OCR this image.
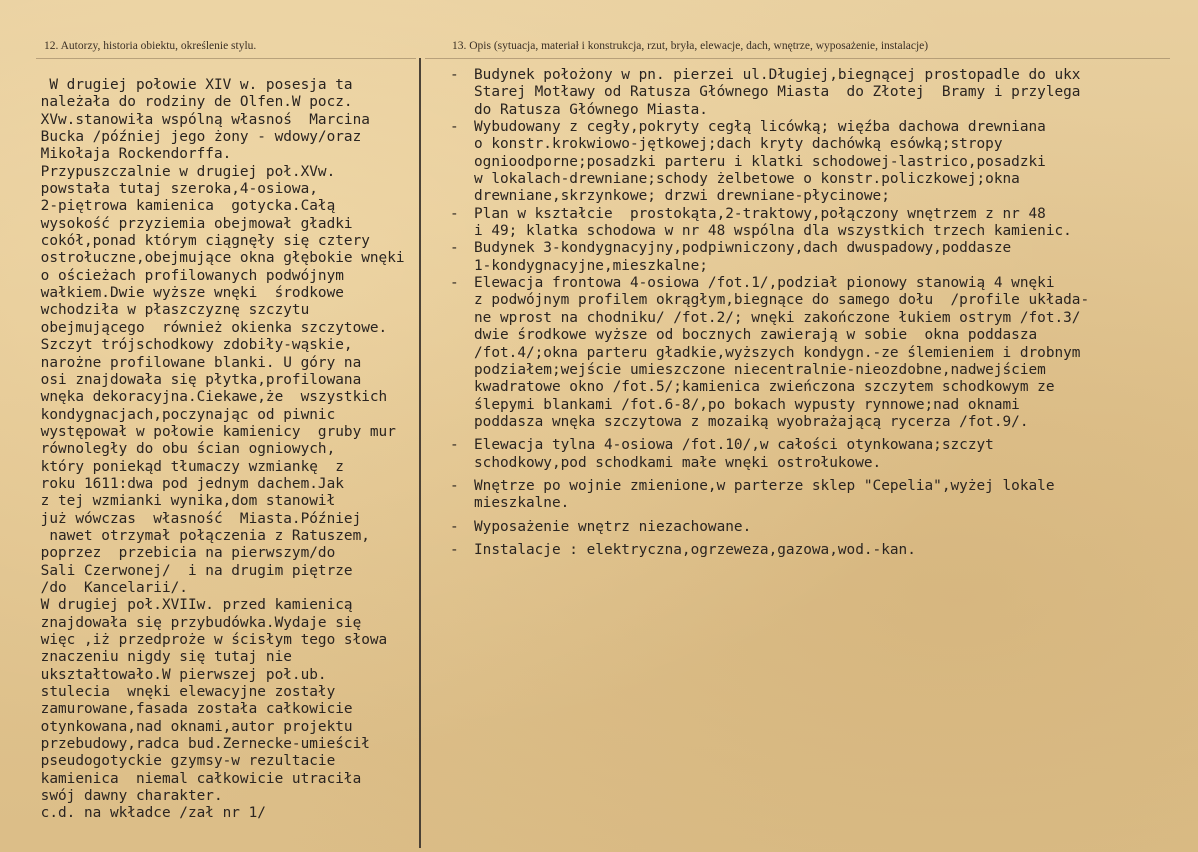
12. Autorzy, historia obiektu, określenie stylu.	13. Opis (sytuacja, materiał i konstrukcja, rzut, bryła, elewacje, dach, wnętrze, wyposażenie, instalacje)
W drugiej połowie XIV w. posesja ta
należała do rodziny de Olfen.W pocz.
XVw.stanowiła wspólną własnoś  Marcina
Bucka /później jego żony - wdowy/oraz
Mikołaja Rockendorffa.
Przypuszczalnie w drugiej poł.XVw.
powstała tutaj szeroka,4-osiowa,
2-piętrowa kamienica  gotycka.Całą
wysokość przyziemia obejmował gładki
cokół,ponad którym ciągnęły się cztery
ostrołuczne,obejmujące okna głębokie wnęki
o ościeżach profilowanych podwójnym
wałkiem.Dwie wyższe wnęki  środkowe
wchodziła w płaszczyznę szczytu
obejmującego  również okienka szczytowe.
Szczyt trójschodkowy zdobiły-wąskie,
narożne profilowane blanki. U góry na
osi znajdowała się płytka,profilowana
wnęka dekoracyjna.Ciekawe,że  wszystkich
kondygnacjach,poczynając od piwnic
występował w połowie kamienicy  gruby mur
równoległy do obu ścian ogniowych,
który poniekąd tłumaczy wzmiankę  z
roku 1611:dwa pod jednym dachem.Jak
z tej wzmianki wynika,dom stanowił
już wówczas  własność  Miasta.Później
nawet otrzymał połączenia z Ratuszem,
poprzez  przebicia na pierwszym/do
Sali Czerwonej/  i na drugim piętrze
/do  Kancelarii/.
W drugiej poł.XVIIw. przed kamienicą
znajdowała się przybudówka.Wydaje się
więc ,iż przedproże w ścisłym tego słowa
znaczeniu nigdy się tutaj nie
ukształtowało.W pierwszej poł.ub.
stulecia  wnęki elewacyjne zostały
zamurowane,fasada została całkowicie
otynkowana,nad oknami,autor projektu
przebudowy,radca bud.Zernecke-umieścił
pseudogotyckie gzymsy-w rezultacie
kamienica  niemal całkowicie utraciła
swój dawny charakter.
c.d. na wkładce /zał nr 1/
- Budynek położony w pn. pierzei ul.Długiej,biegnącej prostopadle do ukx
Starej Motławy od Ratusza Głównego Miasta  do Złotej  Bramy i przylega
do Ratusza Głównego Miasta.
- Wybudowany z cegły,pokryty cegłą licówką; więźba dachowa drewniana
o konstr.krokwiowo-jętkowej;dach kryty dachówką esówką;stropy
ognioodporne;posadzki parteru i klatki schodowej-lastrico,posadzki
w lokalach-drewniane;schody żelbetowe o konstr.policzkowej;okna
drewniane,skrzynkowe; drzwi drewniane-płycinowe;
- Plan w kształcie  prostokąta,2-traktowy,połączony wnętrzem z nr 48
i 49; klatka schodowa w nr 48 wspólna dla wszystkich trzech kamienic.
- Budynek 3-kondygnacyjny,podpiwniczony,dach dwuspadowy,poddasze
1-kondygnacyjne,mieszkalne;
- Elewacja frontowa 4-osiowa /fot.1/,podział pionowy stanowią 4 wnęki
z podwójnym profilem okrągłym,biegnące do samego dołu  /profile układa-
ne wprost na chodniku/ /fot.2/; wnęki zakończone łukiem ostrym /fot.3/
dwie środkowe wyższe od bocznych zawierają w sobie  okna poddasza
/fot.4/;okna parteru gładkie,wyższych kondygn.-ze ślemieniem i drobnym
podziałem;wejście umieszczone niecentralnie-nieozdobne,nadwejściem
kwadratowe okno /fot.5/;kamienica zwieńczona szczytem schodkowym ze
ślepymi blankami /fot.6-8/,po bokach wypusty rynnowe;nad oknami
poddasza wnęka szczytowa z mozaiką wyobrażającą rycerza /fot.9/.
- Elewacja tylna 4-osiowa /fot.10/,w całości otynkowana;szczyt
schodkowy,pod schodkami małe wnęki ostrołukowe.
- Wnętrze po wojnie zmienione,w parterze sklep "Cepelia",wyżej lokale
mieszkalne.
- Wyposażenie wnętrz niezachowane.
- Instalacje : elektryczna,ogrzeweza,gazowa,wod.-kan.
